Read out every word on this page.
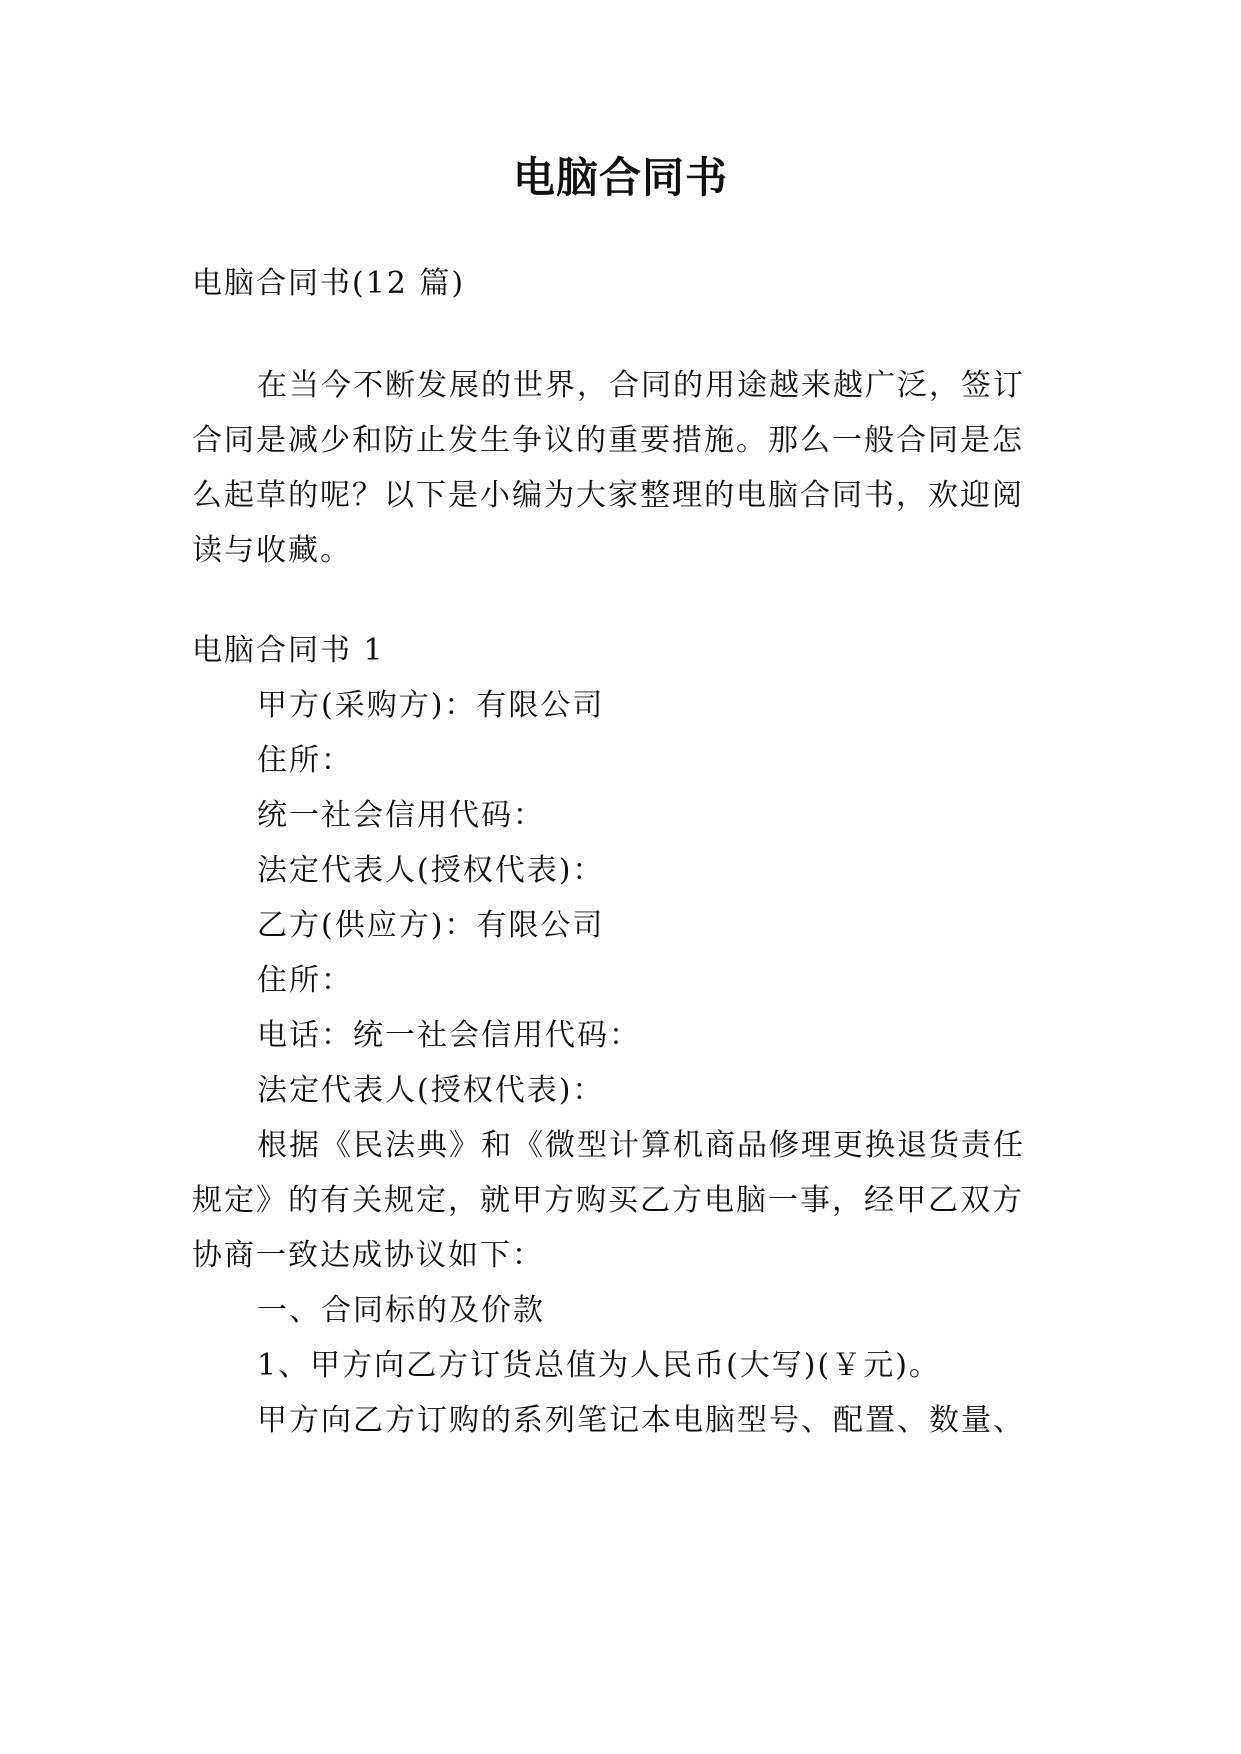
电脑合同书
电脑合同书(12 篇)
在当今不断发展的世界，合同的用途越来越广泛，签订
合同是减少和防止发生争议的重要措施。那么一般合同是怎
么起草的呢？以下是小编为大家整理的电脑合同书，欢迎阅
读与收藏。
电脑合同书 1
甲方(采购方)：有限公司
住所：
统一社会信用代码：
法定代表人(授权代表)：
乙方(供应方)：有限公司
住所：
电话：统一社会信用代码：
法定代表人(授权代表)：
根据《民法典》和《微型计算机商品修理更换退货责任
规定》的有关规定，就甲方购买乙方电脑一事，经甲乙双方
协商一致达成协议如下：
一、合同标的及价款
1、甲方向乙方订货总值为人民币(大写)(￥元)。
甲方向乙方订购的系列笔记本电脑型号、配置、数量、
